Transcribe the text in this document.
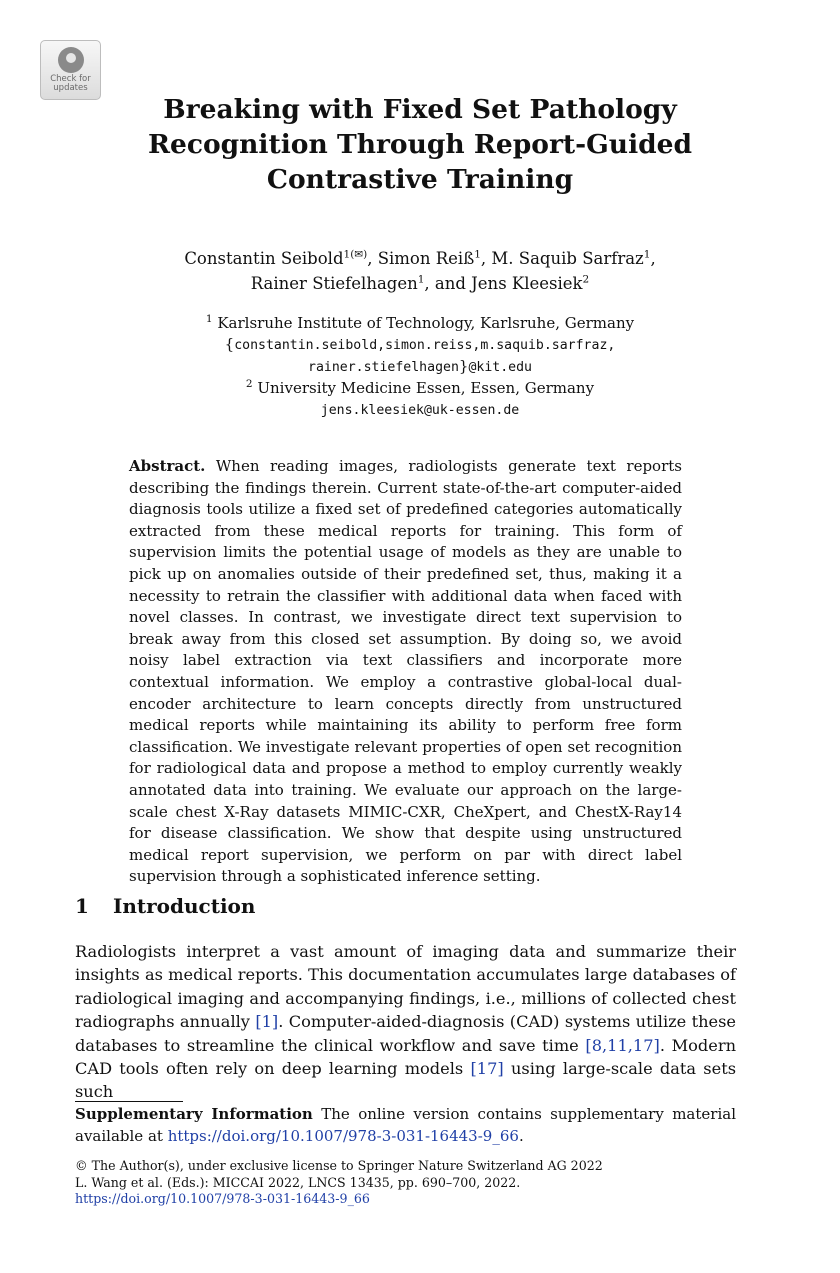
Check for
updates
Breaking with Fixed Set Pathology
Recognition Through Report-Guided
Contrastive Training
Constantin Seibold$^{1(✉)}$, Simon Reiß$^1$, M. Saquib Sarfraz$^1$,
Rainer Stiefelhagen$^1$, and Jens Kleesiek$^2$
$^1$ Karlsruhe Institute of Technology, Karlsruhe, Germany
{constantin.seibold,simon.reiss,m.saquib.sarfraz,
rainer.stiefelhagen}@kit.edu
$^2$ University Medicine Essen, Essen, Germany
jens.kleesiek@uk-essen.de
Abstract. When reading images, radiologists generate text reports describing the findings therein. Current state-of-the-art computer-aided diagnosis tools utilize a fixed set of predefined categories automatically extracted from these medical reports for training. This form of supervision limits the potential usage of models as they are unable to pick up on anomalies outside of their predefined set, thus, making it a necessity to retrain the classifier with additional data when faced with novel classes. In contrast, we investigate direct text supervision to break away from this closed set assumption. By doing so, we avoid noisy label extraction via text classifiers and incorporate more contextual information. We employ a contrastive global-local dual-encoder architecture to learn concepts directly from unstructured medical reports while maintaining its ability to perform free form classification. We investigate relevant properties of open set recognition for radiological data and propose a method to employ currently weakly annotated data into training. We evaluate our approach on the large-scale chest X-Ray datasets MIMIC-CXR, CheXpert, and ChestX-Ray14 for disease classification. We show that despite using unstructured medical report supervision, we perform on par with direct label supervision through a sophisticated inference setting.
1 Introduction
Radiologists interpret a vast amount of imaging data and summarize their insights as medical reports. This documentation accumulates large databases of radiological imaging and accompanying findings, i.e., millions of collected chest radiographs annually [1]. Computer-aided-diagnosis (CAD) systems utilize these databases to streamline the clinical workflow and save time [8,11,17]. Modern CAD tools often rely on deep learning models [17] using large-scale data sets such
Supplementary Information The online version contains supplementary material available at https://doi.org/10.1007/978-3-031-16443-9_66.
© The Author(s), under exclusive license to Springer Nature Switzerland AG 2022
L. Wang et al. (Eds.): MICCAI 2022, LNCS 13435, pp. 690–700, 2022.
https://doi.org/10.1007/978-3-031-16443-9_66
